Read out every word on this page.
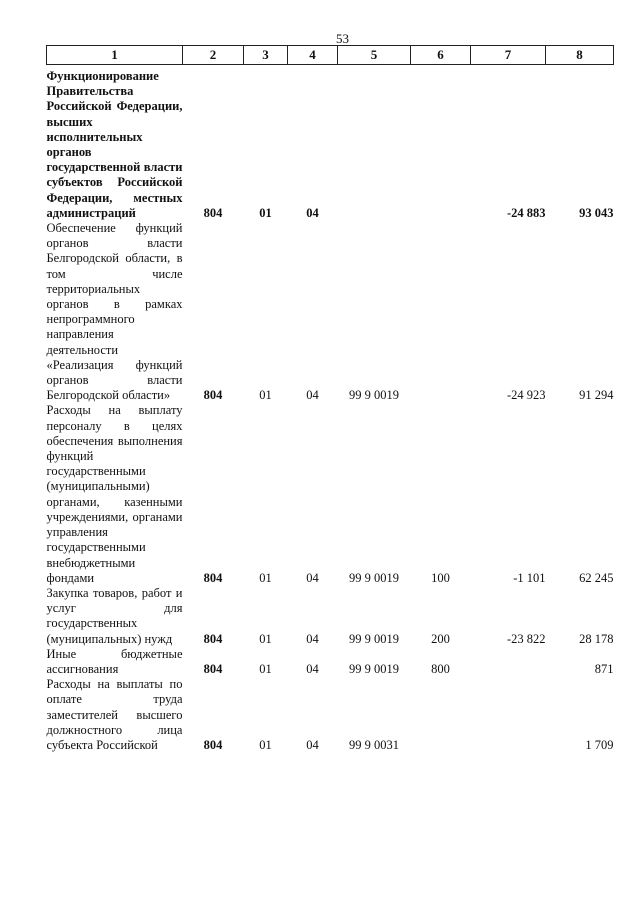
53
1	2	3	4	5	6	7	8

Функционирование Правительства Российской Федерации, высших исполнительных органов государственной власти субъектов Российской Федерации, местных администраций	804	01	04			-24 883	93 043
Обеспечение функций органов власти Белгородской области, в том числе территориальных органов в рамках непрограммного направления деятельности «Реализация функций органов власти Белгородской области»	804	01	04	99 9 0019		-24 923	91 294
Расходы на выплату персоналу в целях обеспечения выполнения функций государственными (муниципальными) органами, казенными учреждениями, органами управления государственными внебюджетными фондами	804	01	04	99 9 0019	100	-1 101	62 245
Закупка товаров, работ и услуг для государственных (муниципальных) нужд	804	01	04	99 9 0019	200	-23 822	28 178
Иные бюджетные ассигнования	804	01	04	99 9 0019	800		871
Расходы на выплаты по оплате труда заместителей высшего должностного лица субъекта Российской	804	01	04	99 9 0031			1 709
